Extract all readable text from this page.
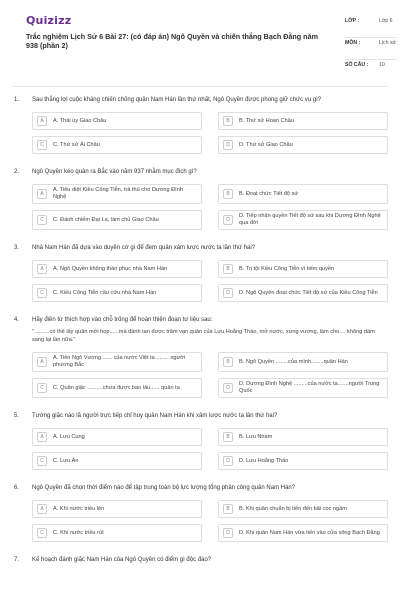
Quizizz
Trắc nghiệm Lịch Sử 6 Bài 27: (có đáp án) Ngô Quyền và chiến thắng Bạch Đằng năm 938 (phần 2)
LỚP :	Lớp 6
MÔN :	Lịch sử
SỐ CÂU :	10
1.	Sau thắng lợi cuộc kháng chiến chống quân Nam Hán lần thứ nhất, Ngô Quyền được phong giữ chức vụ gì?
A	A. Thái úy Giao Châu	B	B. Thứ sử Hoan Châu
C	C. Thứ sử Ái Châu	D	D. Thứ sử Giao Châu
2.	Ngô Quyền kéo quân ra Bắc vào năm 937 nhằm mục đích gì?
A
A. Tiêu diệt Kiều Công Tiễn, trả thù cho Dương Đình Nghệ	B	B. Đoạt chức Tiết độ sứ
C	C. Đánh chiếm Đại La, làm chủ Giao Châu	D
D. Tiếp nhận quyền Tiết độ sứ sau khi Dương Đình Nghệ qua đời
3.	Nhà Nam Hán đã dựa vào duyên cớ gì để đem quân xâm lược nước ta lần thứ hai?
A	A. Ngô Quyền không thần phục nhà Nam Hán	B	B. Trị tội Kiều Công Tiễn vì tiếm quyền
C	C. Kiều Công Tiễn cầu cứu nhà Nam Hán	D	D. Ngô Quyền đoạt chức Tiết độ sứ của Kiều Công Tiễn
4.	Hãy điền từ thích hợp vào chỗ trống để hoàn thiện đoạn tư liệu sau:
"..........có thể lấy quân mới họp......mà đánh tan được trăm vạn quân của Lưu Hoằng Tháo, mở nước, xưng vương, làm cho.... không dám sang lại lần nữa."
A
A. Tiền Ngô Vương ...... của nước Việt ta ........ người phương Bắc	B	B. Ngô Quyền ........của mình........quân Hán
C	C. Quân giặc ..........chưa được bao lâu...... quân ta	D
D. Dương Đình Nghệ .........của nước ta.......người Trung Quốc
5.	Tướng giặc nào lã người trực tiếp chỉ huy quân Nam Hán khi xâm lược nước ta lần thứ hai?
A	A. Lưu Cung	B	B. Lưu Nham
C	C. Lưu Ẩn	D	D. Lưu Hoằng Tháo
6.	Ngô Quyền đã chọn thời điểm nào để tập trung toàn bộ lực lượng tổng phản công quân Nam Hán?
A	A. Khi nước triều lên	B	B. Khi quân chuẩn bị tiến đến bãi cọc ngầm
C	C. Khi nước triều rút	D	D. Khi quân Nam Hán vừa tiến vào cửa sông Bạch Đằng
7.	Kế hoạch đánh giặc Nam Hán của Ngô Quyền có điểm gì độc đáo?
